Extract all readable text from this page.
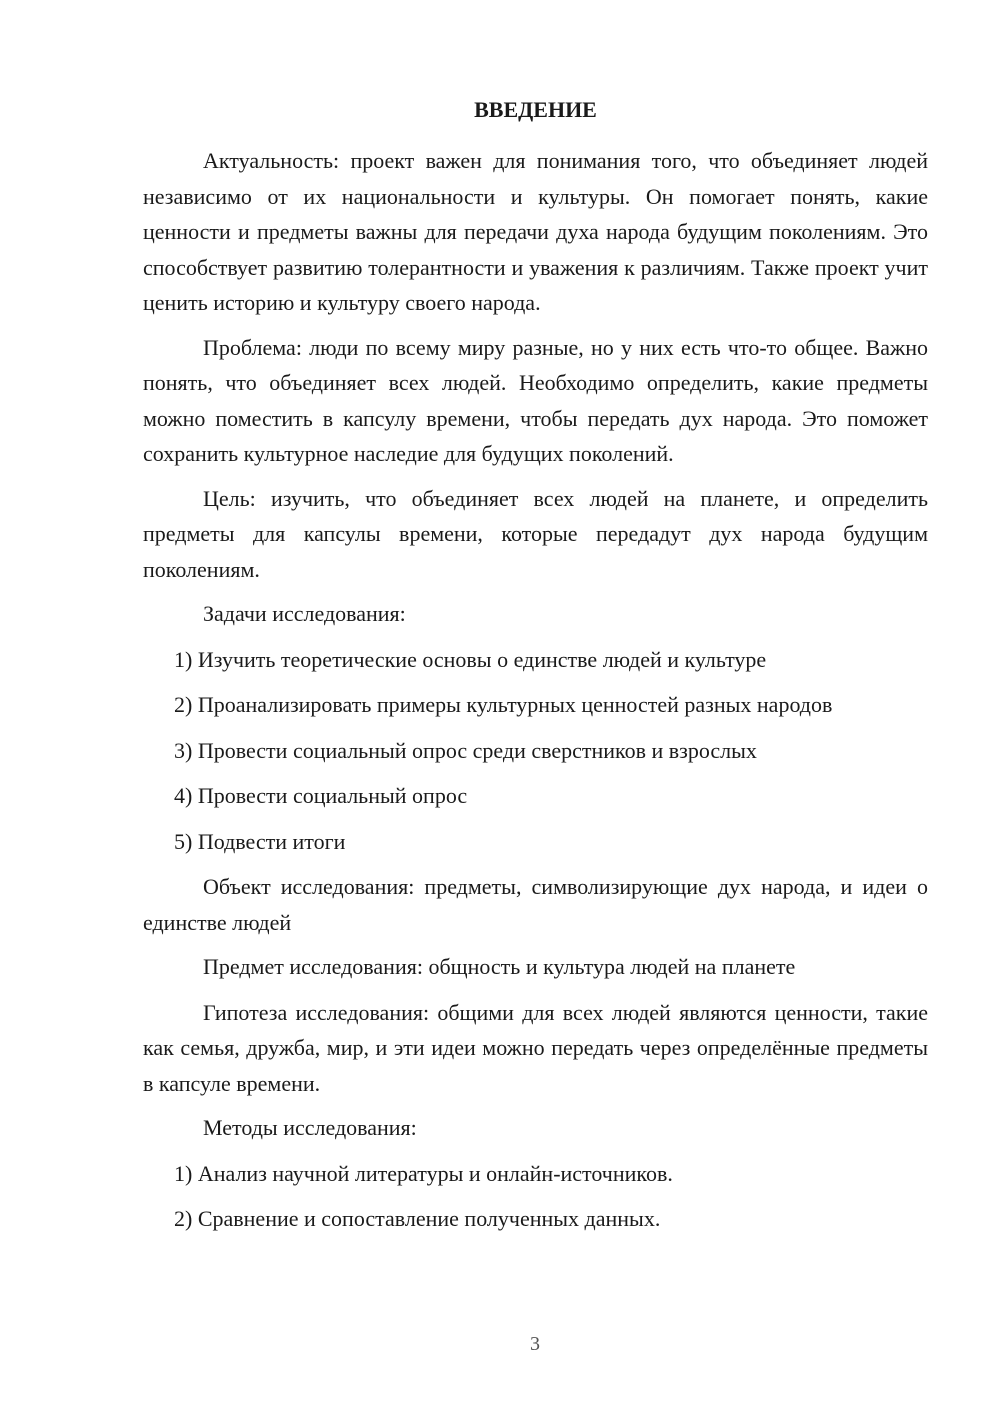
ВВЕДЕНИЕ

Актуальность: проект важен для понимания того, что объединяет людей независимо от их национальности и культуры. Он помогает понять, какие ценности и предметы важны для передачи духа народа будущим поколениям. Это способствует развитию толерантности и уважения к различиям. Также проект учит ценить историю и культуру своего народа.

Проблема: люди по всему миру разные, но у них есть что-то общее. Важно понять, что объединяет всех людей. Необходимо определить, какие предметы можно поместить в капсулу времени, чтобы передать дух народа. Это поможет сохранить культурное наследие для будущих поколений.

Цель: изучить, что объединяет всех людей на планете, и определить предметы для капсулы времени, которые передадут дух народа будущим поколениям.

Задачи исследования:

1) Изучить теоретические основы о единстве людей и культуре
2) Проанализировать примеры культурных ценностей разных народов
3) Провести социальный опрос среди сверстников и взрослых
4) Провести социальный опрос
5) Подвести итоги

Объект исследования: предметы, символизирующие дух народа, и идеи о единстве людей

Предмет исследования: общность и культура людей на планете

Гипотеза исследования: общими для всех людей являются ценности, такие как семья, дружба, мир, и эти идеи можно передать через определённые предметы в капсуле времени.

Методы исследования:

1) Анализ научной литературы и онлайн-источников.
2) Сравнение и сопоставление полученных данных.
3
